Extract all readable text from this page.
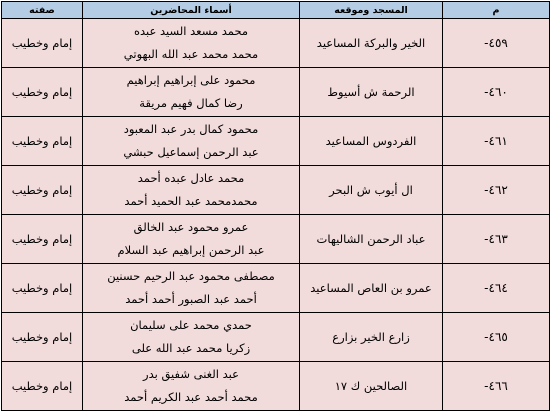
م	المسجد وموقعه	أسماء المحاضرين	صفته
-٤٥٩	الخير والبركة المساعيد	محمد مسعد السيد عبده
محمد محمد عبد الله البهوتي	إمام وخطيب
-٤٦٠	الرحمة ش أسيوط	محمود على إبراهيم إبراهيم
رضا كمال فهيم مريقة	إمام وخطيب
-٤٦١	الفردوس المساعيد	محمود كمال بدر عبد المعبود
عبد الرحمن إسماعيل حبشي	إمام وخطيب
-٤٦٢	ال أيوب ش البحر	محمد عادل عبده أحمد
محمدمحمد عبد الحميد أحمد	إمام وخطيب
-٤٦٣	عباد الرحمن الشاليهات	عمرو محمود عبد الخالق
عبد الرحمن إبراهيم عبد السلام	إمام وخطيب
-٤٦٤	عمرو بن العاص المساعيد	مصطفى محمود عبد الرحيم حسنين
أحمد عبد الصبور أحمد أحمد	إمام وخطيب
-٤٦٥	زارع الخير بزارع	حمدي محمد على سليمان
زكريا محمد عبد الله على	إمام وخطيب
-٤٦٦	الصالحين ك ١٧	عبد الغنى شفيق بدر
محمد أحمد عبد الكريم أحمد	إمام وخطيب
